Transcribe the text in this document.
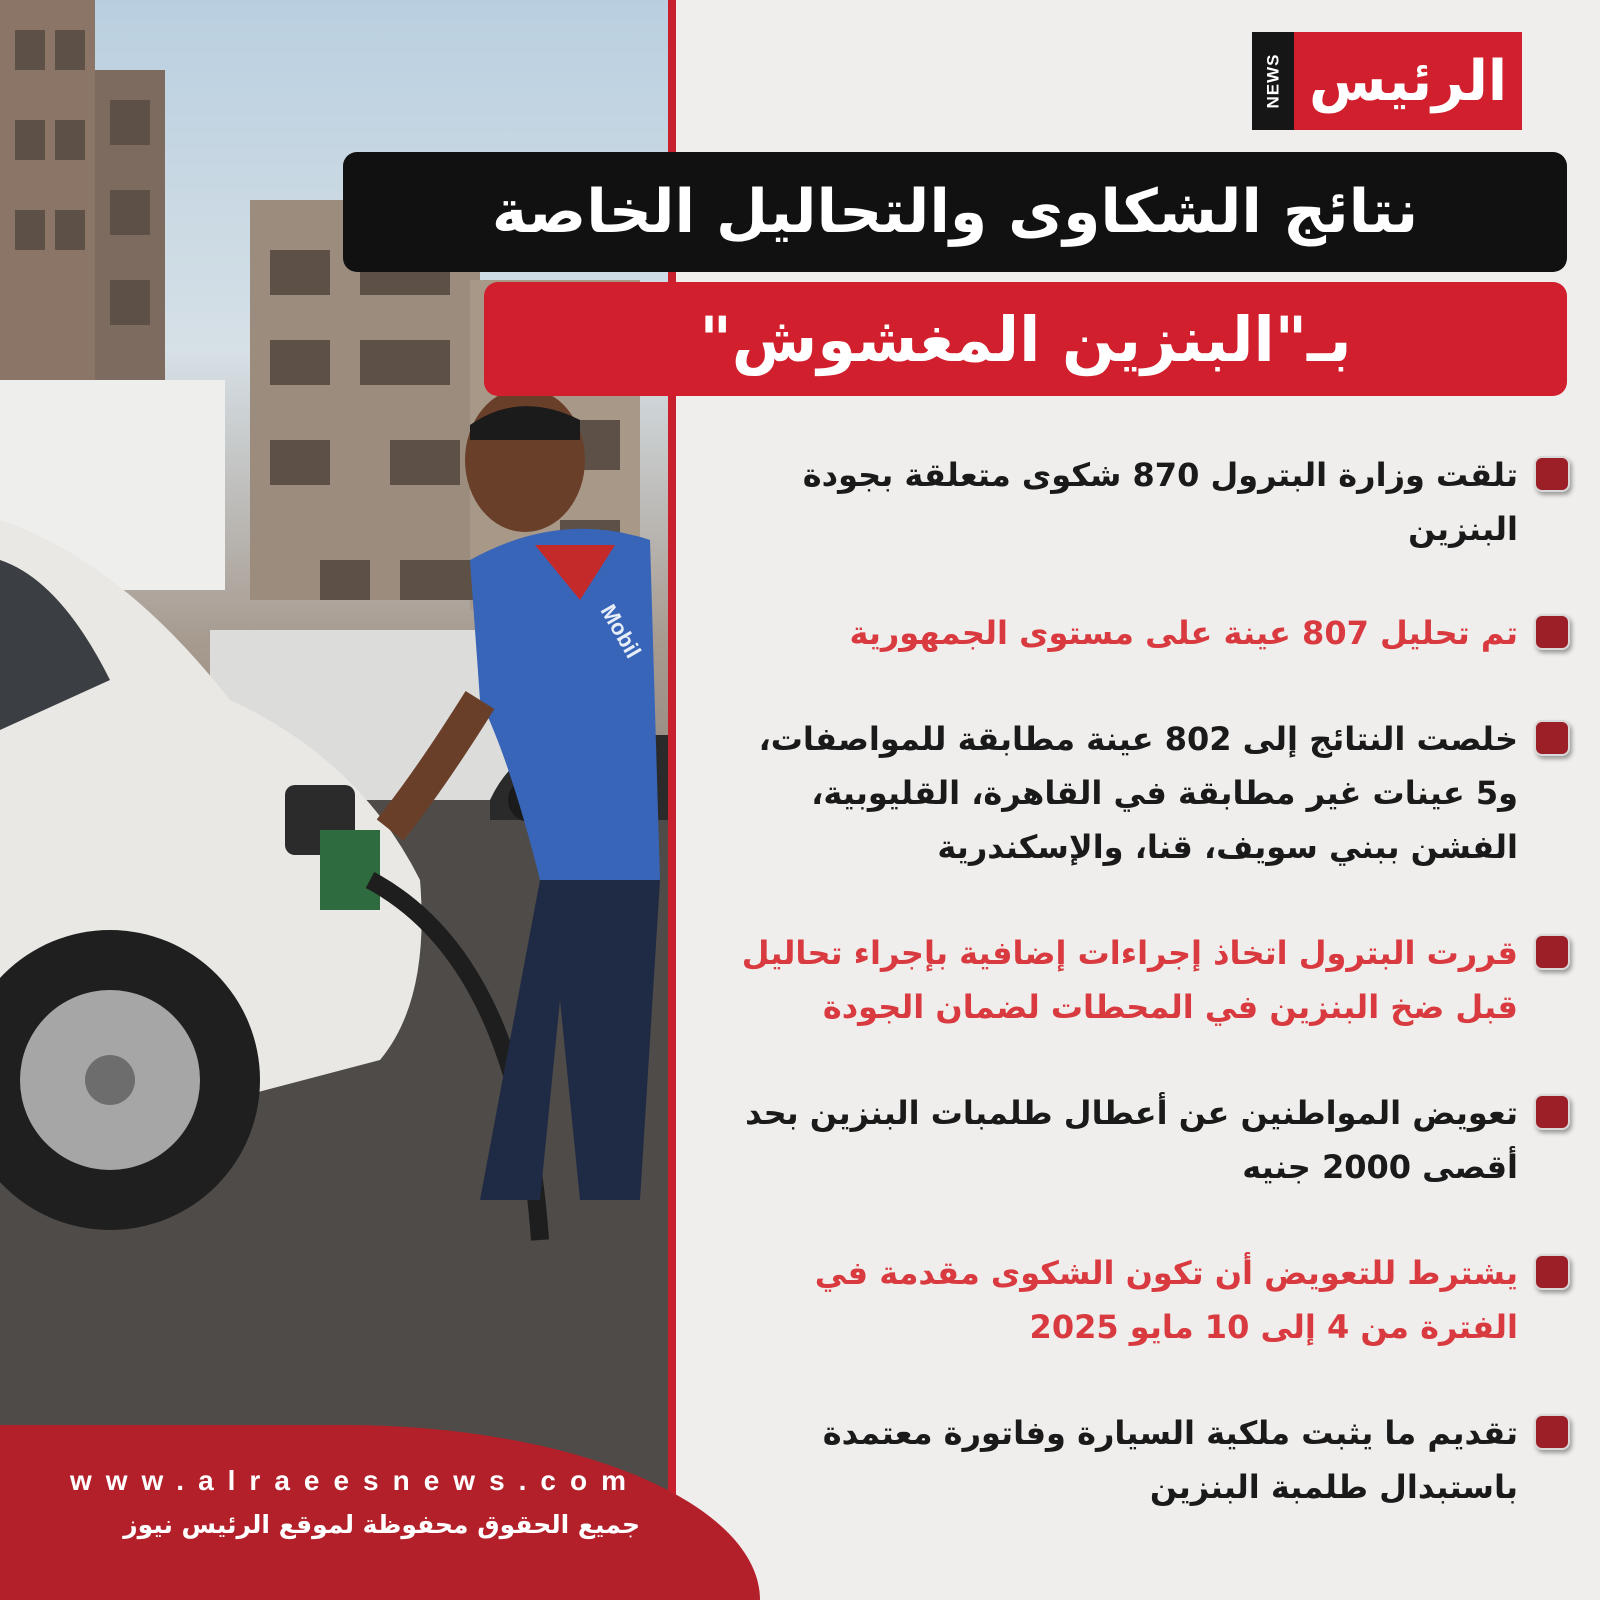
Mobil
NEWS الرئيس
نتائج الشكاوى والتحاليل الخاصة
بـ"البنزين المغشوش"
تلقت وزارة البترول 870 شكوى متعلقة بجودة البنزين
تم تحليل 807 عينة على مستوى الجمهورية
خلصت النتائج إلى 802 عينة مطابقة للمواصفات، و5 عينات غير مطابقة في القاهرة، القليوبية، الفشن ببني سويف، قنا، والإسكندرية
قررت البترول اتخاذ إجراءات إضافية بإجراء تحاليل قبل ضخ البنزين في المحطات لضمان الجودة
تعويض المواطنين عن أعطال طلمبات البنزين بحد أقصى 2000 جنيه
يشترط للتعويض أن تكون الشكوى مقدمة في الفترة من 4 إلى 10 مايو 2025
تقديم ما يثبت ملكية السيارة وفاتورة معتمدة باستبدال طلمبة البنزين
www.alraeesnews.com
جميع الحقوق محفوظة لموقع الرئيس نيوز
